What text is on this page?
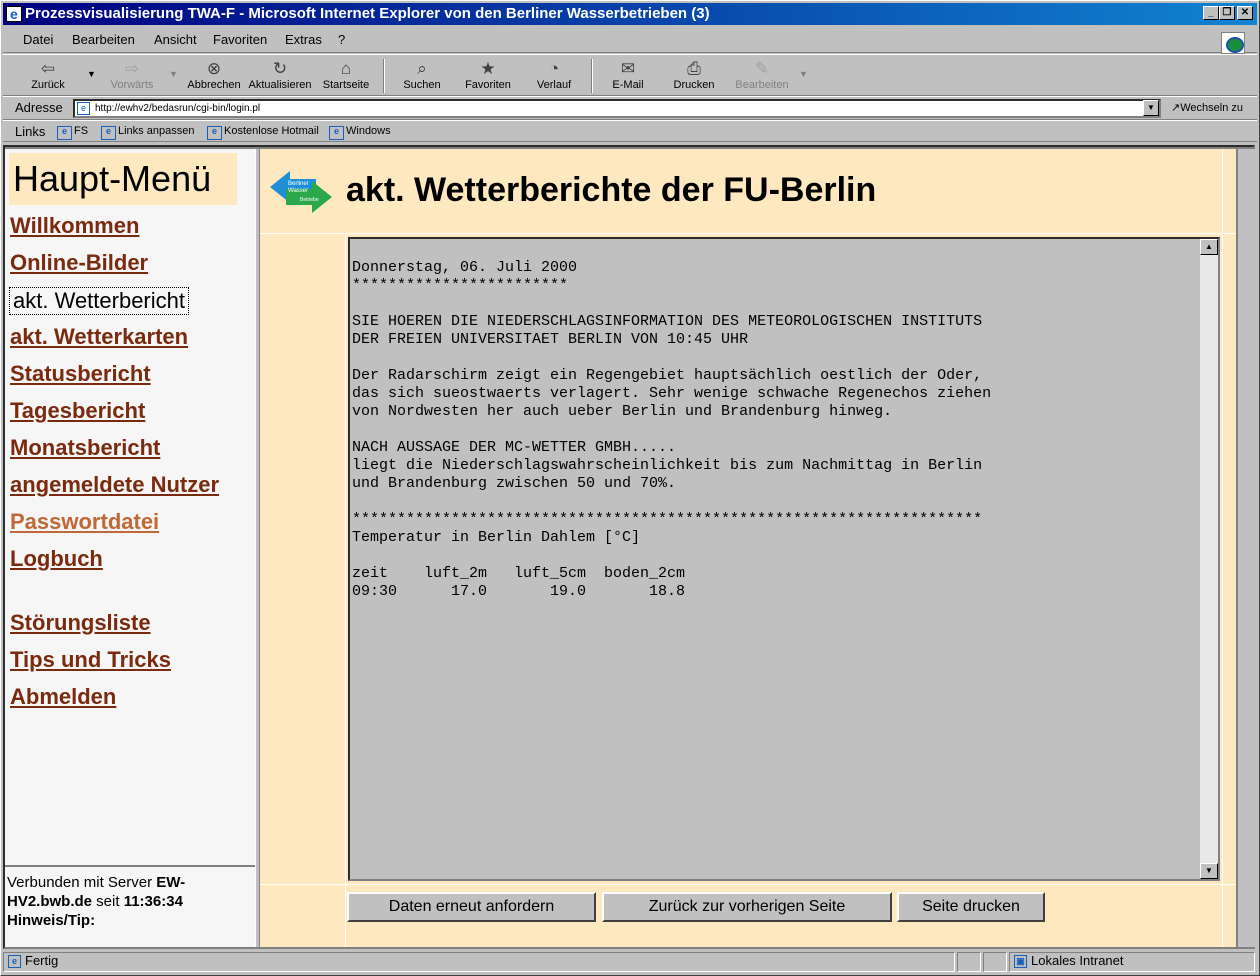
e
Prozessvisualisierung TWA-F - Microsoft Internet Explorer von den Berliner Wasserbetrieben (3)	_ ❐ ✕
Datei Bearbeiten Ansicht Favoriten Extras ?
⇦
Zurück
▼ ⇨
Vorwärts
▼ ⊗
Abbrechen
↻
Aktualisieren
⌂
Startseite
⌕
Suchen
★
Favoriten
◔
Verlauf
✉
E-Mail
⎙
Drucken
✎
Bearbeiten
▼
Adresse	e http://ewhv2/bedasrun/cgi-bin/login.pl	▼	↗Wechseln zu
Links	e FS	e Links anpassen	e Kostenlose Hotmail	e Windows
Haupt-Menü
Willkommen
Online-Bilder
akt. Wetterbericht
akt. Wetterkarten
Statusbericht
Tagesbericht
Monatsbericht
angemeldete Nutzer
Passwortdatei
Logbuch
Störungsliste
Tips und Tricks
Abmelden
Verbunden mit Server EW-HV2.bwb.de seit 11:36:34
Hinweis/Tip:
Berliner
Wasser
Betriebe akt. Wetterberichte der FU-Berlin
Donnerstag, 06. Juli 2000
************************

SIE HOEREN DIE NIEDERSCHLAGSINFORMATION DES METEOROLOGISCHEN INSTITUTS
DER FREIEN UNIVERSITAET BERLIN VON 10:45 UHR

Der Radarschirm zeigt ein Regengebiet hauptsächlich oestlich der Oder,
das sich sueostwaerts verlagert. Sehr wenige schwache Regenechos ziehen
von Nordwesten her auch ueber Berlin und Brandenburg hinweg.

NACH AUSSAGE DER MC-WETTER GMBH.....
liegt die Niederschlagswahrscheinlichkeit bis zum Nachmittag in Berlin
und Brandenburg zwischen 50 und 70%.

**********************************************************************
Temperatur in Berlin Dahlem [°C]

zeit    luft_2m   luft_5cm  boden_2cm
09:30      17.0       19.0       18.8
▲
▼
Daten erneut anfordern	Zurück zur vorherigen Seite	Seite drucken
e Fertig	▣ Lokales Intranet
